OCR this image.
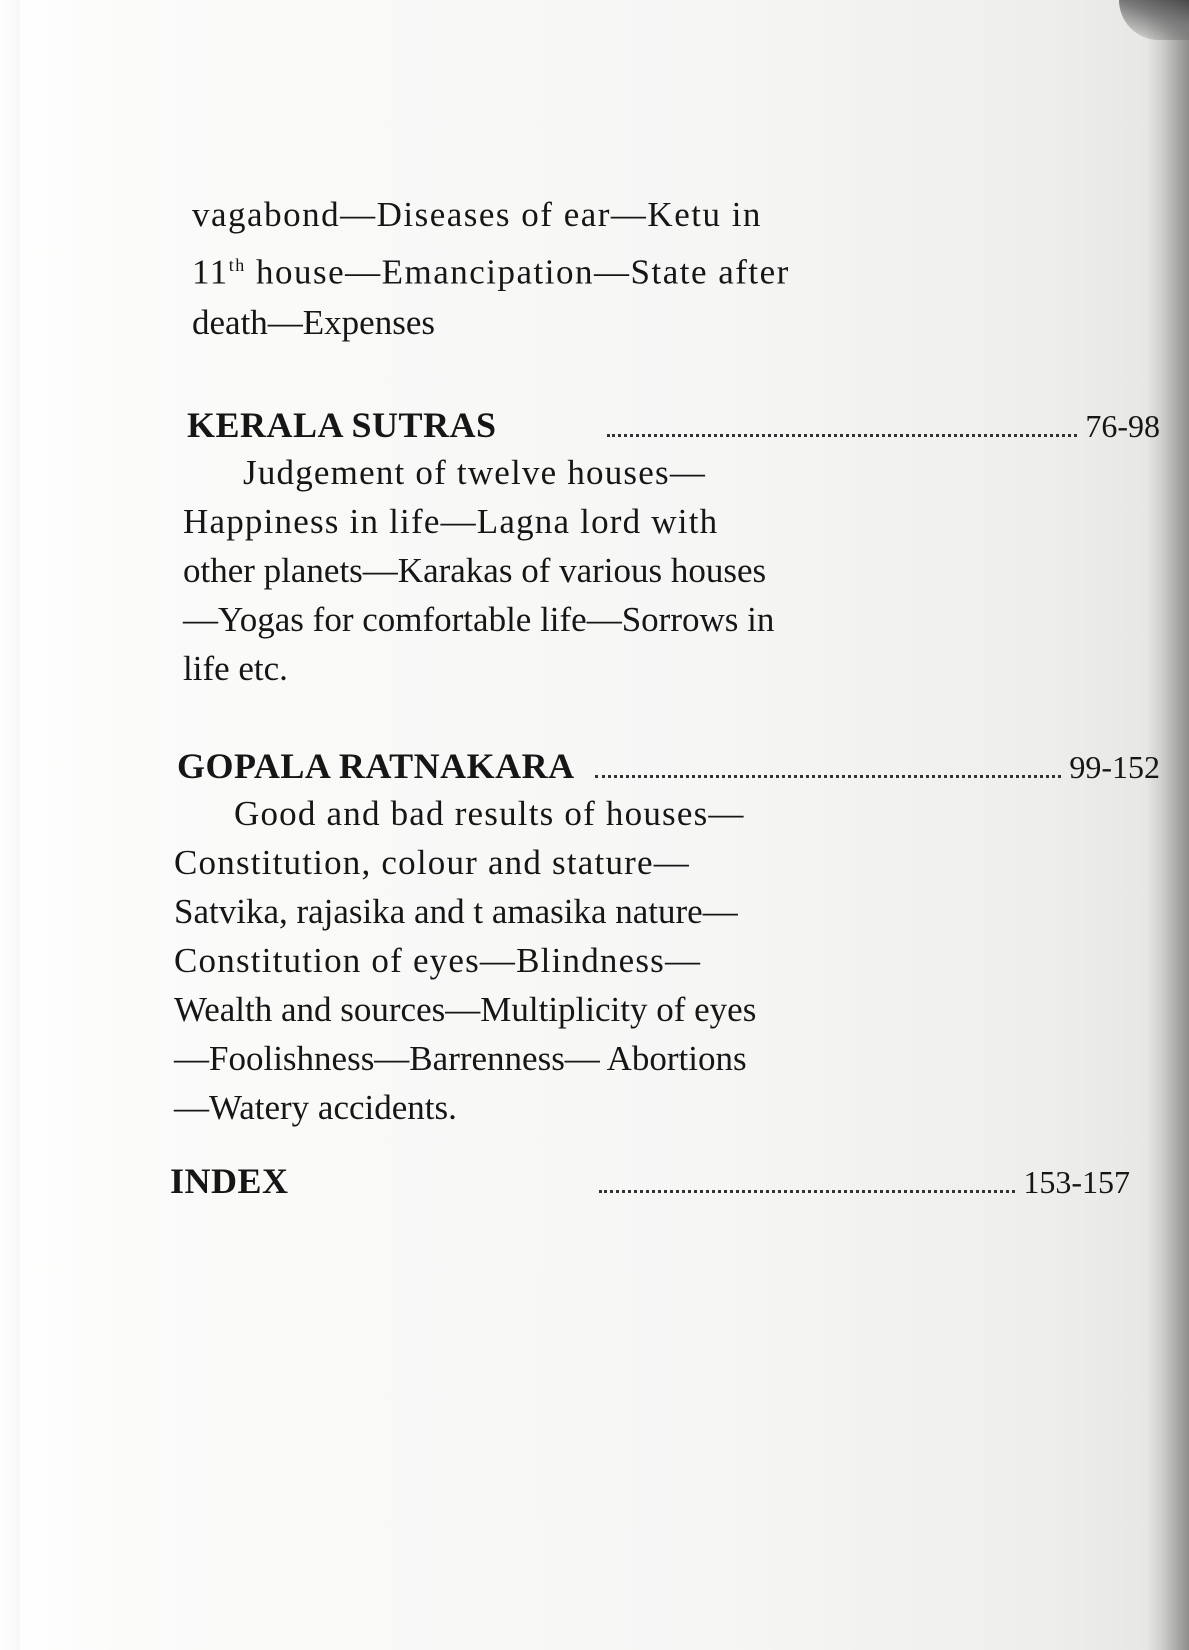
vagabond—Diseases of ear—Ketu in

11th house—Emancipation—State after

death—Expenses

KERALA SUTRAS	76-98

Judgement of twelve houses—

Happiness in life—Lagna lord with

other planets—Karakas of various houses

—Yogas for comfortable life—Sorrows in

life etc.

GOPALA RATNAKARA	99-152

Good and bad results of houses—

Constitution, colour and stature—

Satvika, rajasika and t amasika nature—

Constitution of eyes—Blindness—

Wealth and sources—Multiplicity of eyes

—Foolishness—Barrenness— Abortions

—Watery accidents.

INDEX	153-157
